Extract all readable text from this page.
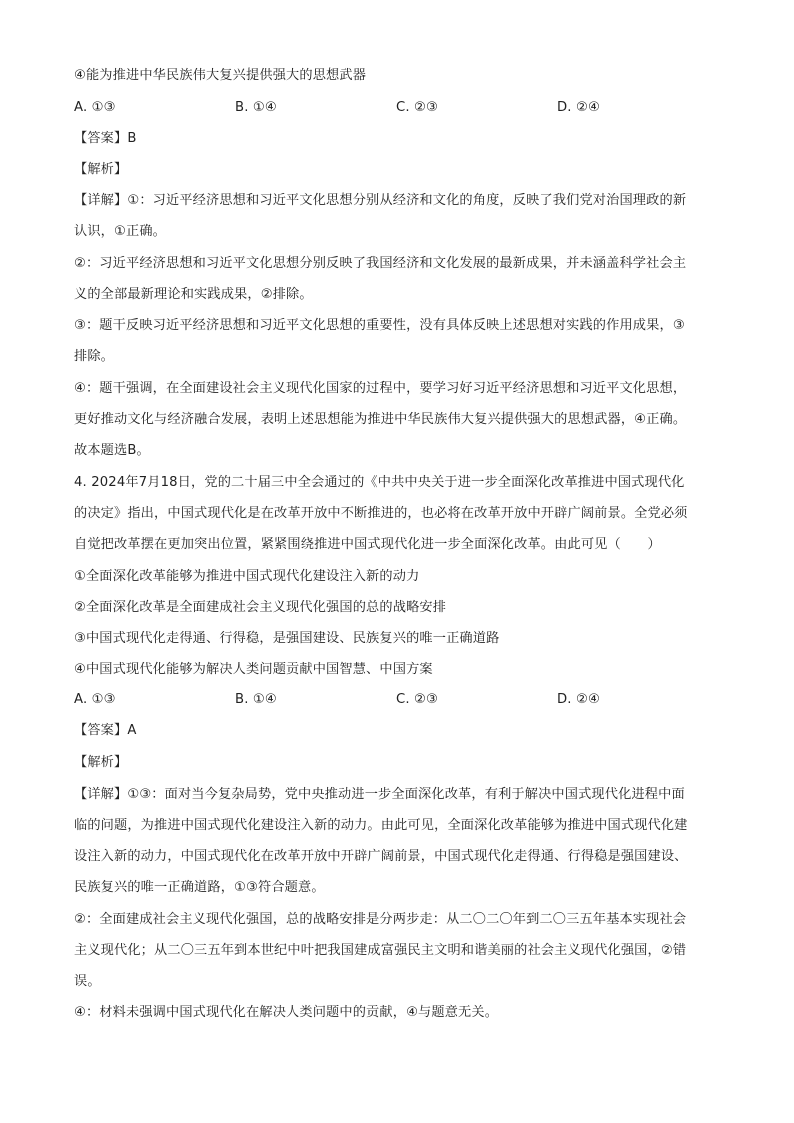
④能为推进中华民族伟大复兴提供强大的思想武器
A. ①③	B. ①④	C. ②③	D. ②④
【答案】B
【解析】
【详解】①：习近平经济思想和习近平文化思想分别从经济和文化的角度，反映了我们党对治国理政的新
认识，①正确。
②：习近平经济思想和习近平文化思想分别反映了我国经济和文化发展的最新成果，并未涵盖科学社会主
义的全部最新理论和实践成果，②排除。
③：题干反映习近平经济思想和习近平文化思想的重要性，没有具体反映上述思想对实践的作用成果，③
排除。
④：题干强调，在全面建设社会主义现代化国家的过程中，要学习好习近平经济思想和习近平文化思想，
更好推动文化与经济融合发展，表明上述思想能为推进中华民族伟大复兴提供强大的思想武器，④正确。
故本题选B。
4. 2024年7月18日，党的二十届三中全会通过的《中共中央关于进一步全面深化改革推进中国式现代化
的决定》指出，中国式现代化是在改革开放中不断推进的，也必将在改革开放中开辟广阔前景。全党必须
自觉把改革摆在更加突出位置，紧紧围绕推进中国式现代化进一步全面深化改革。由此可见（　　）
①全面深化改革能够为推进中国式现代化建设注入新的动力
②全面深化改革是全面建成社会主义现代化强国的总的战略安排
③中国式现代化走得通、行得稳，是强国建设、民族复兴的唯一正确道路
④中国式现代化能够为解决人类问题贡献中国智慧、中国方案
A. ①③	B. ①④	C. ②③	D. ②④
【答案】A
【解析】
【详解】①③：面对当今复杂局势，党中央推动进一步全面深化改革，有利于解决中国式现代化进程中面
临的问题，为推进中国式现代化建设注入新的动力。由此可见，全面深化改革能够为推进中国式现代化建
设注入新的动力，中国式现代化在改革开放中开辟广阔前景，中国式现代化走得通、行得稳是强国建设、
民族复兴的唯一正确道路，①③符合题意。
②：全面建成社会主义现代化强国，总的战略安排是分两步走：从二〇二〇年到二〇三五年基本实现社会
主义现代化；从二〇三五年到本世纪中叶把我国建成富强民主文明和谐美丽的社会主义现代化强国，②错
误。
④：材料未强调中国式现代化在解决人类问题中的贡献，④与题意无关。
